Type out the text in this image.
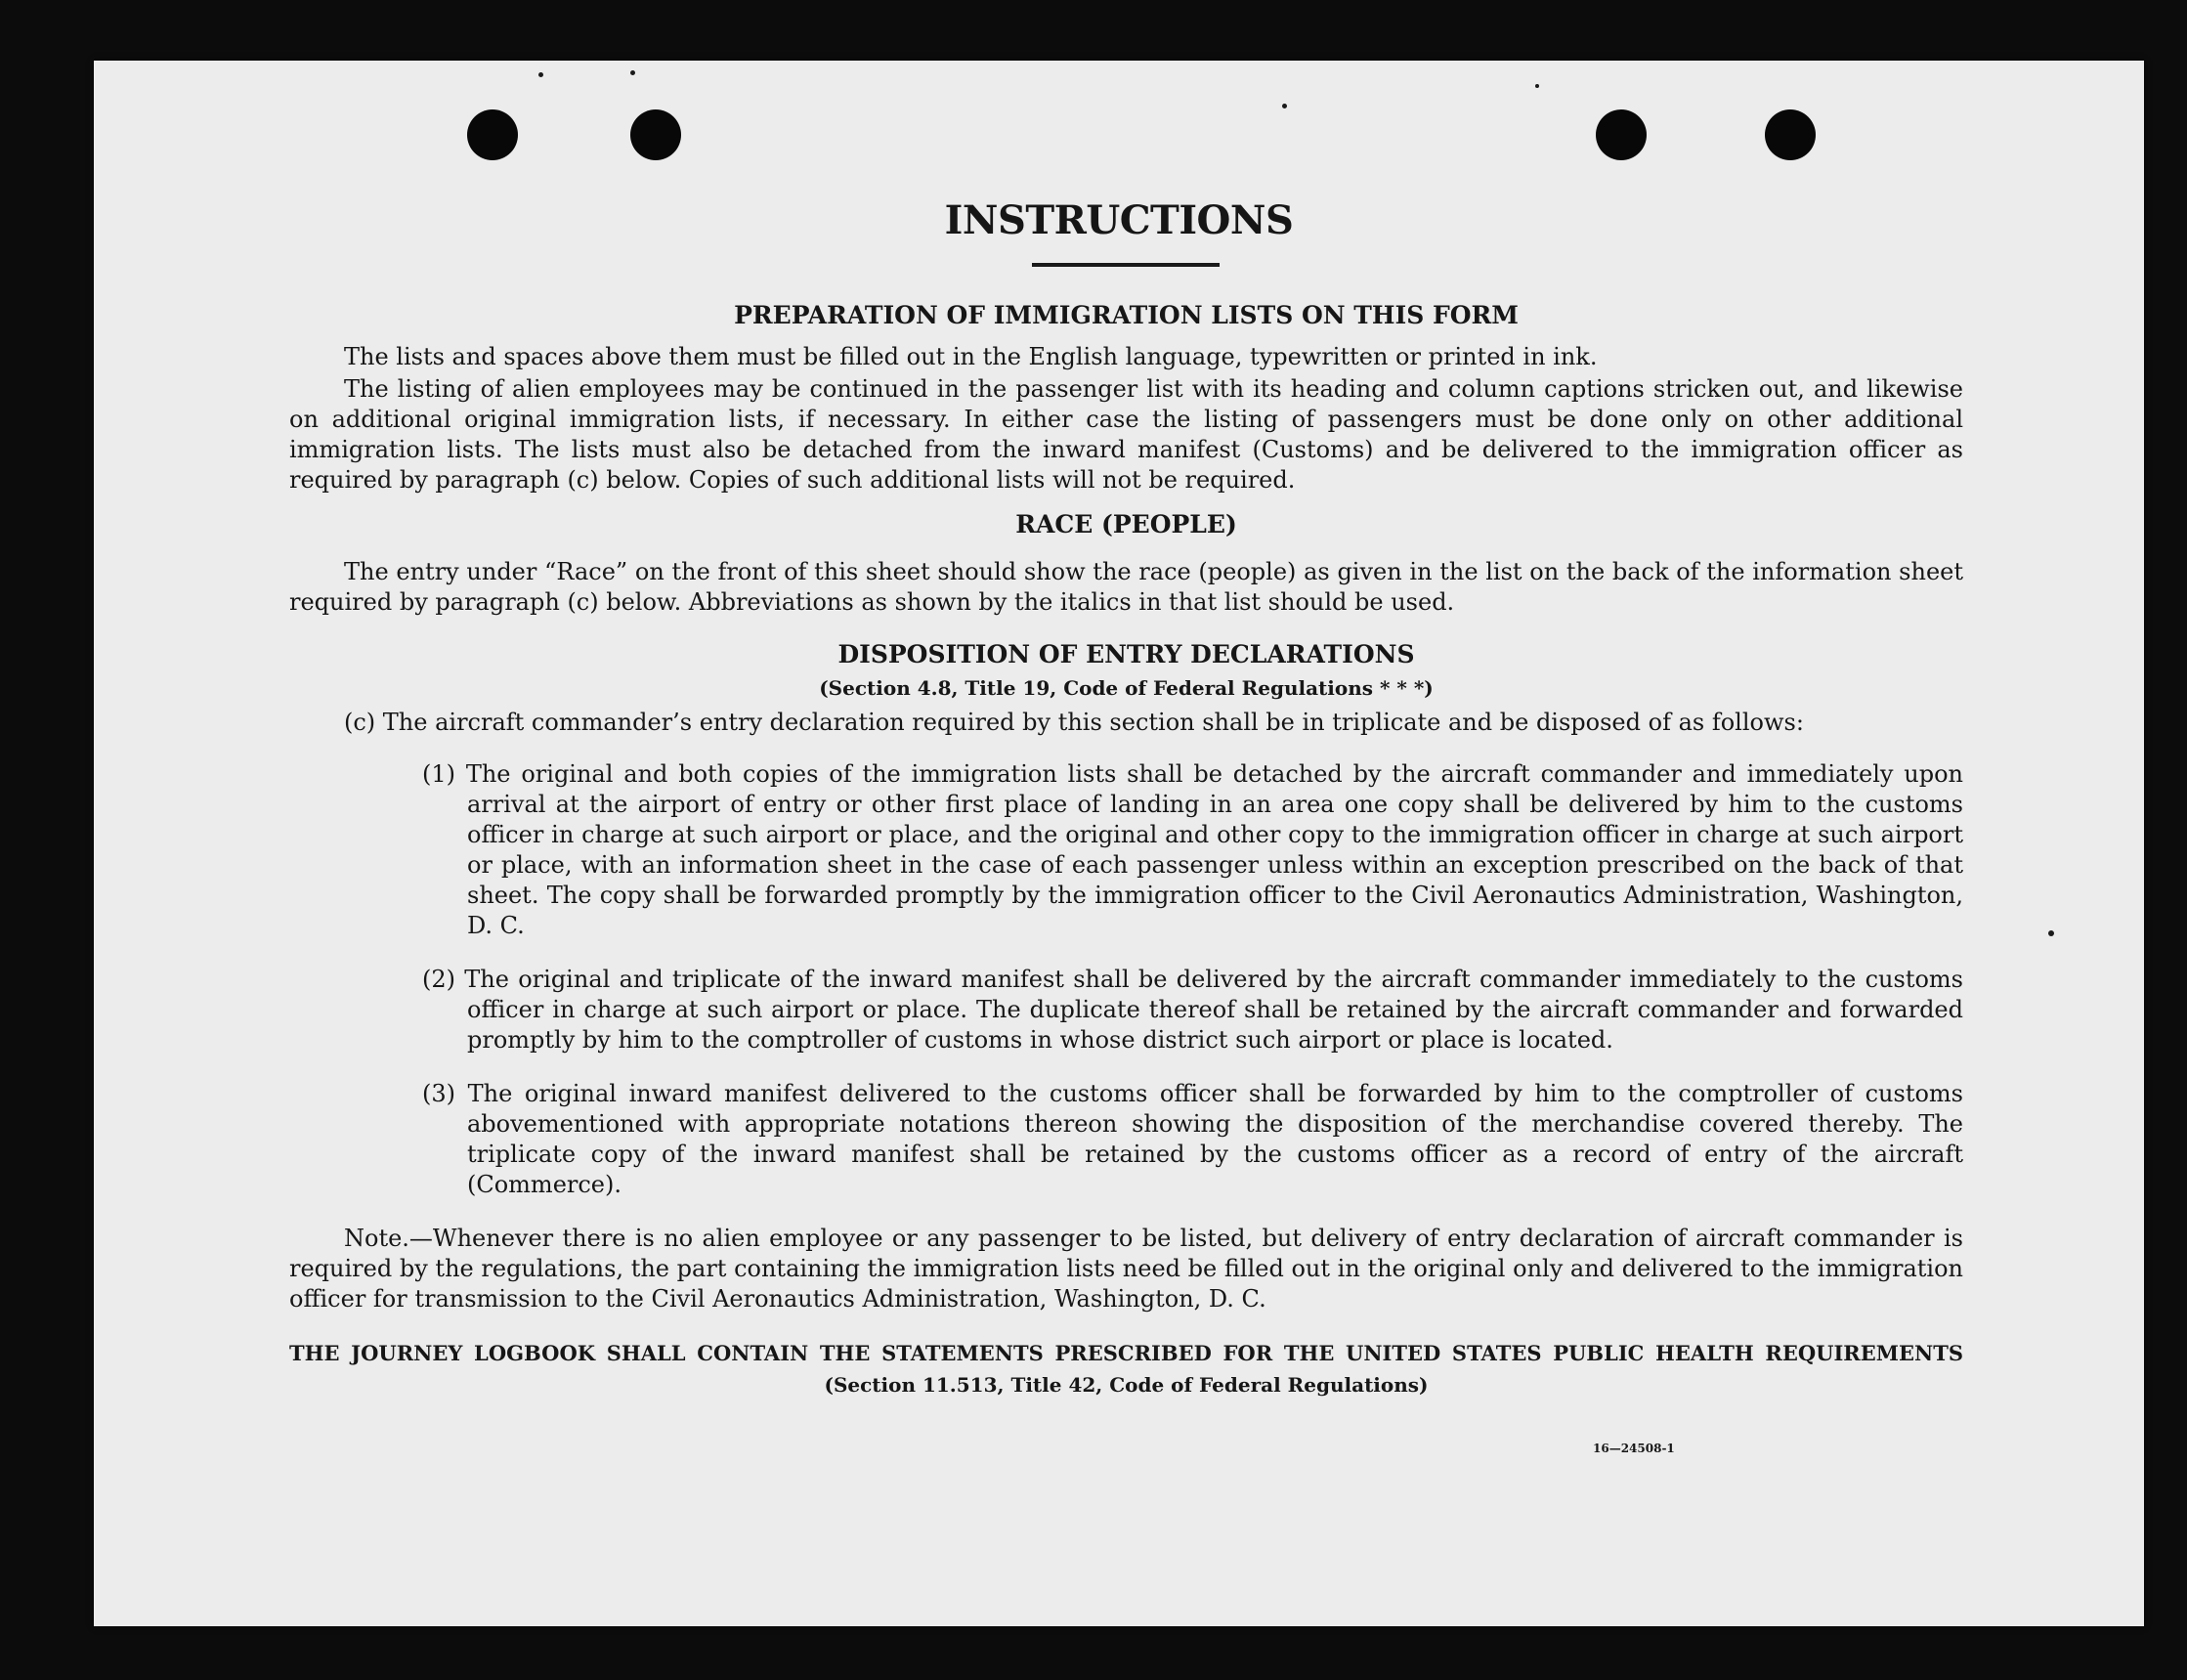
INSTRUCTIONS
PREPARATION OF IMMIGRATION LISTS ON THIS FORM

The lists and spaces above them must be filled out in the English language, typewritten or printed in ink.

The listing of alien employees may be continued in the passenger list with its heading and column captions stricken out, and likewise on additional original immigration lists, if necessary. In either case the listing of passengers must be done only on other additional immigration lists. The lists must also be detached from the inward manifest (Customs) and be delivered to the immigration officer as required by paragraph (c) below. Copies of such additional lists will not be required.

RACE (PEOPLE)

The entry under “Race” on the front of this sheet should show the race (people) as given in the list on the back of the information sheet required by paragraph (c) below. Abbreviations as shown by the italics in that list should be used.

DISPOSITION OF ENTRY DECLARATIONS
(Section 4.8, Title 19, Code of Federal Regulations * * *)

(c) The aircraft commander’s entry declaration required by this section shall be in triplicate and be disposed of as follows:

(1) The original and both copies of the immigration lists shall be detached by the aircraft commander and immediately upon arrival at the airport of entry or other first place of landing in an area one copy shall be delivered by him to the customs officer in charge at such airport or place, and the original and other copy to the immigration officer in charge at such airport or place, with an information sheet in the case of each passenger unless within an exception prescribed on the back of that sheet. The copy shall be forwarded promptly by the immigration officer to the Civil Aeronautics Administration, Washington, D. C.

(2) The original and triplicate of the inward manifest shall be delivered by the aircraft commander immediately to the customs officer in charge at such airport or place. The duplicate thereof shall be retained by the aircraft commander and forwarded promptly by him to the comptroller of customs in whose district such airport or place is located.

(3) The original inward manifest delivered to the customs officer shall be forwarded by him to the comptroller of customs abovementioned with appropriate notations thereon showing the disposition of the merchandise covered thereby. The triplicate copy of the inward manifest shall be retained by the customs officer as a record of entry of the aircraft (Commerce).

Note.—Whenever there is no alien employee or any passenger to be listed, but delivery of entry declaration of aircraft commander is required by the regulations, the part containing the immigration lists need be filled out in the original only and delivered to the immigration officer for transmission to the Civil Aeronautics Administration, Washington, D. C.

THE JOURNEY LOGBOOK SHALL CONTAIN THE STATEMENTS PRESCRIBED FOR THE UNITED STATES PUBLIC HEALTH REQUIREMENTS
(Section 11.513, Title 42, Code of Federal Regulations)
16—24508-1
